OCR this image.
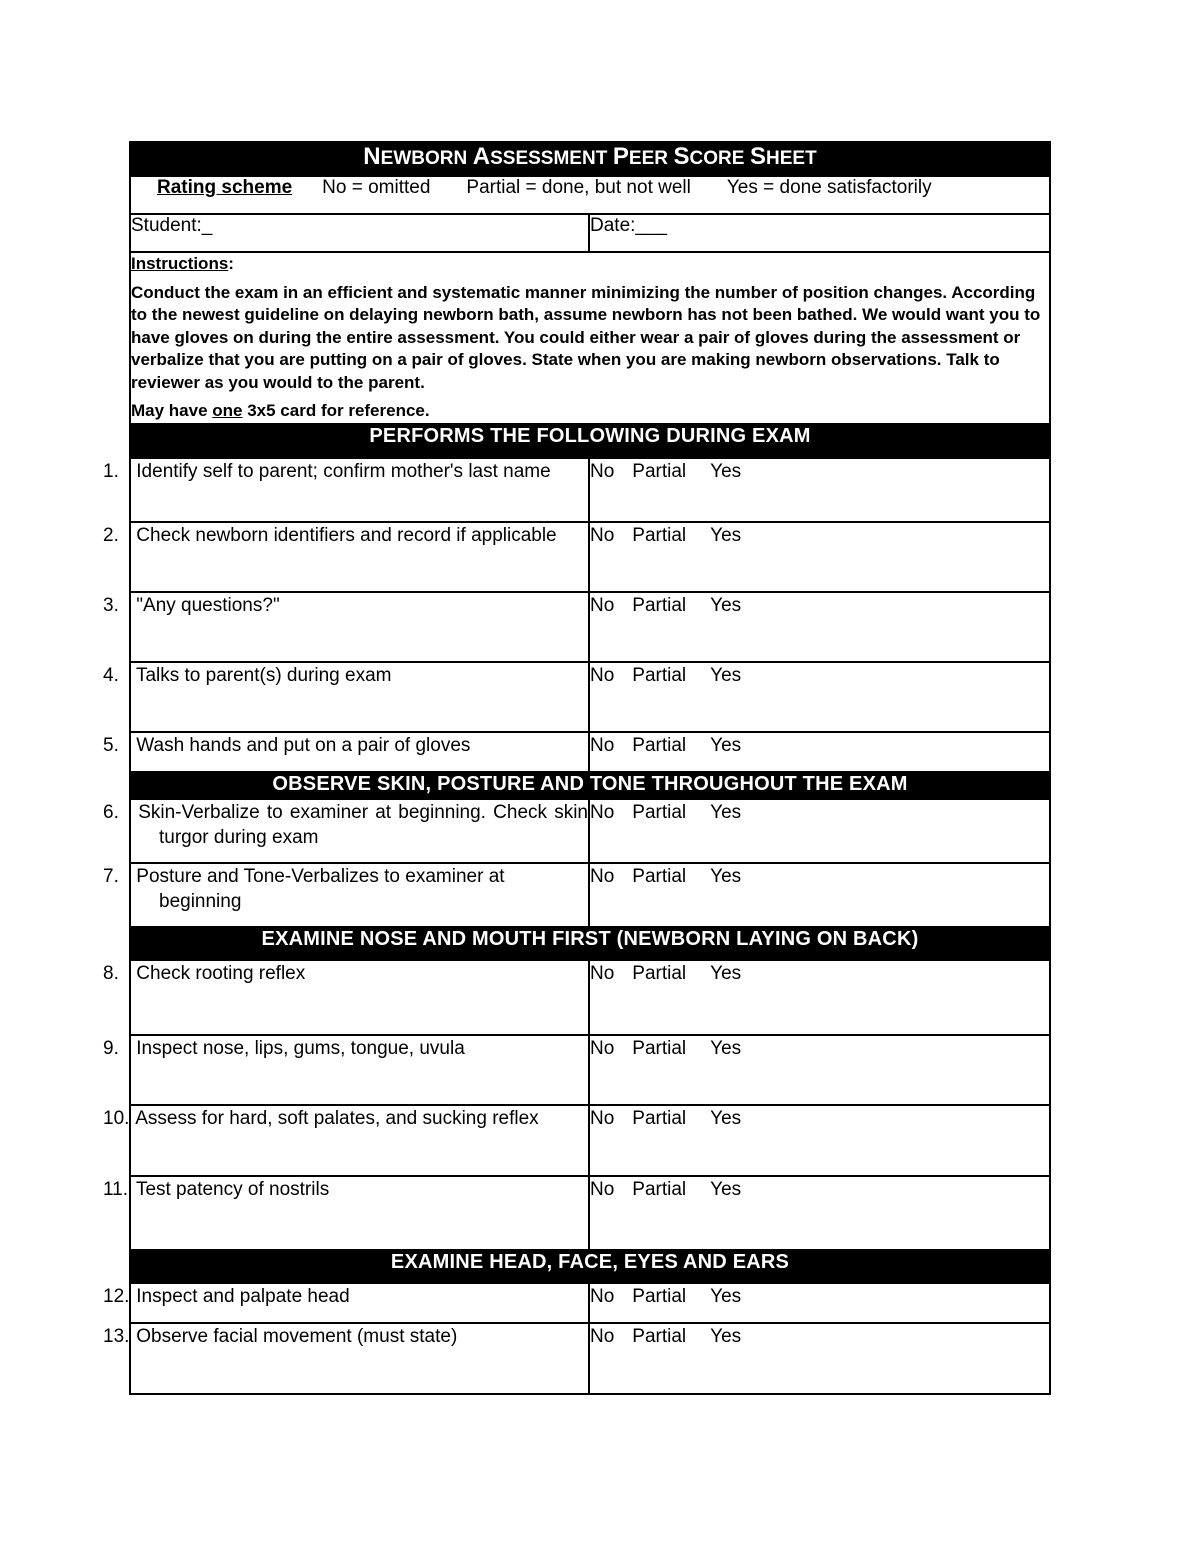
NEWBORN ASSESSMENT PEER SCORE SHEET	

Rating scheme No = omitted Partial = done, but not well Yes = done satisfactorily	

Student:_	Date:___

Instructions:

Conduct the exam in an efficient and systematic manner minimizing the number of position changes. According to the newest guideline on delaying newborn bath, assume newborn has not been bathed. We would want you to have gloves on during the entire assessment. You could either wear a pair of gloves during the assessment or verbalize that you are putting on a pair of gloves. State when you are making newborn observations. Talk to reviewer as you would to the parent.

May have one 3x5 card for reference.	

PERFORMS THE FOLLOWING DURING EXAM	

1. Identify self to parent; confirm mother's last name	No Partial Yes

2. Check newborn identifiers and record if applicable	No Partial Yes

3. "Any questions?"	No Partial Yes

4. Talks to parent(s) during exam	No Partial Yes

5. Wash hands and put on a pair of gloves	No Partial Yes
OBSERVE SKIN, POSTURE AND TONE THROUGHOUT THE EXAM	

6. Skin-Verbalize to examiner at beginning. Check skin turgor during exam	No Partial Yes

7. Posture and Tone-Verbalizes to examiner at beginning	No Partial Yes
EXAMINE NOSE AND MOUTH FIRST (NEWBORN LAYING ON BACK)	

8. Check rooting reflex	No Partial Yes

9. Inspect nose, lips, gums, tongue, uvula	No Partial Yes

10. Assess for hard, soft palates, and sucking reflex	No Partial Yes

11. Test patency of nostrils	No Partial Yes
EXAMINE HEAD, FACE, EYES AND EARS	

12. Inspect and palpate head	No Partial Yes

13. Observe facial movement (must state)	No Partial Yes
